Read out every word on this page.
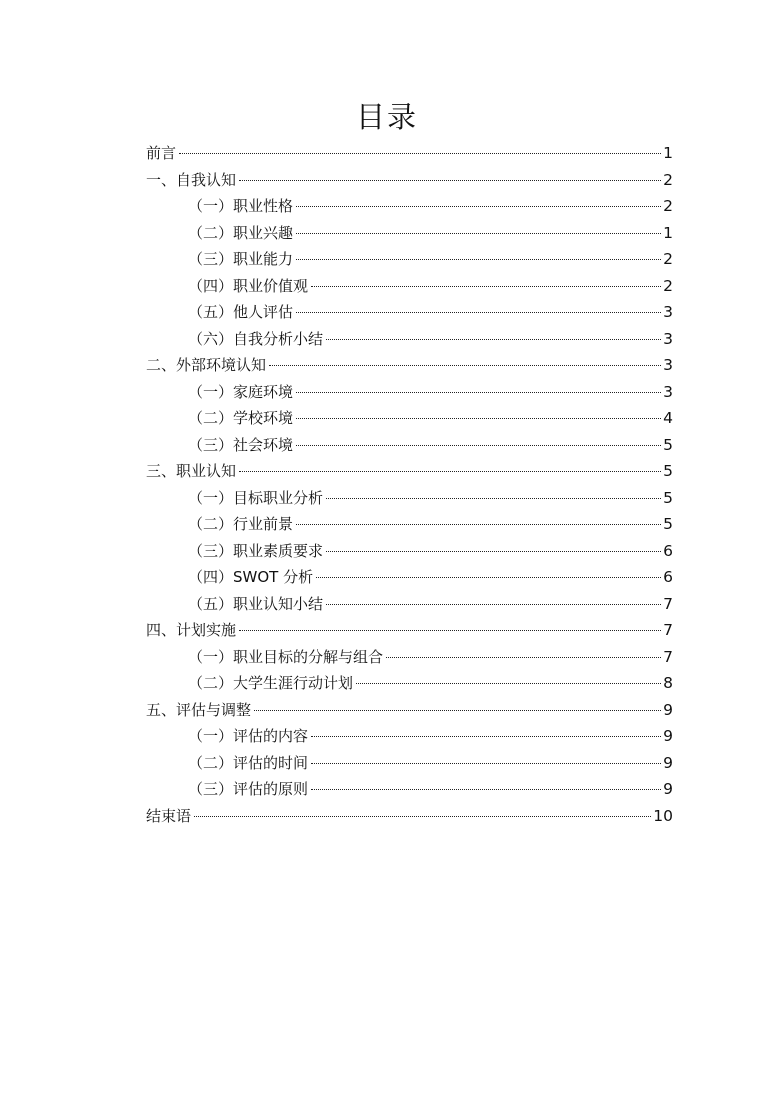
目录
前言	1
一、自我认知	2
（一）职业性格	2
（二）职业兴趣	1
（三）职业能力	2
（四）职业价值观	2
（五）他人评估	3
（六）自我分析小结	3
二、外部环境认知	3
（一）家庭环境	3
（二）学校环境	4
（三）社会环境	5
三、职业认知	5
（一）目标职业分析	5
（二）行业前景	5
（三）职业素质要求	6
（四）SWOT 分析	6
（五）职业认知小结	7
四、计划实施	7
（一）职业目标的分解与组合	7
（二）大学生涯行动计划	8
五、评估与调整	9
（一）评估的内容	9
（二）评估的时间	9
（三）评估的原则	9
结束语	10
